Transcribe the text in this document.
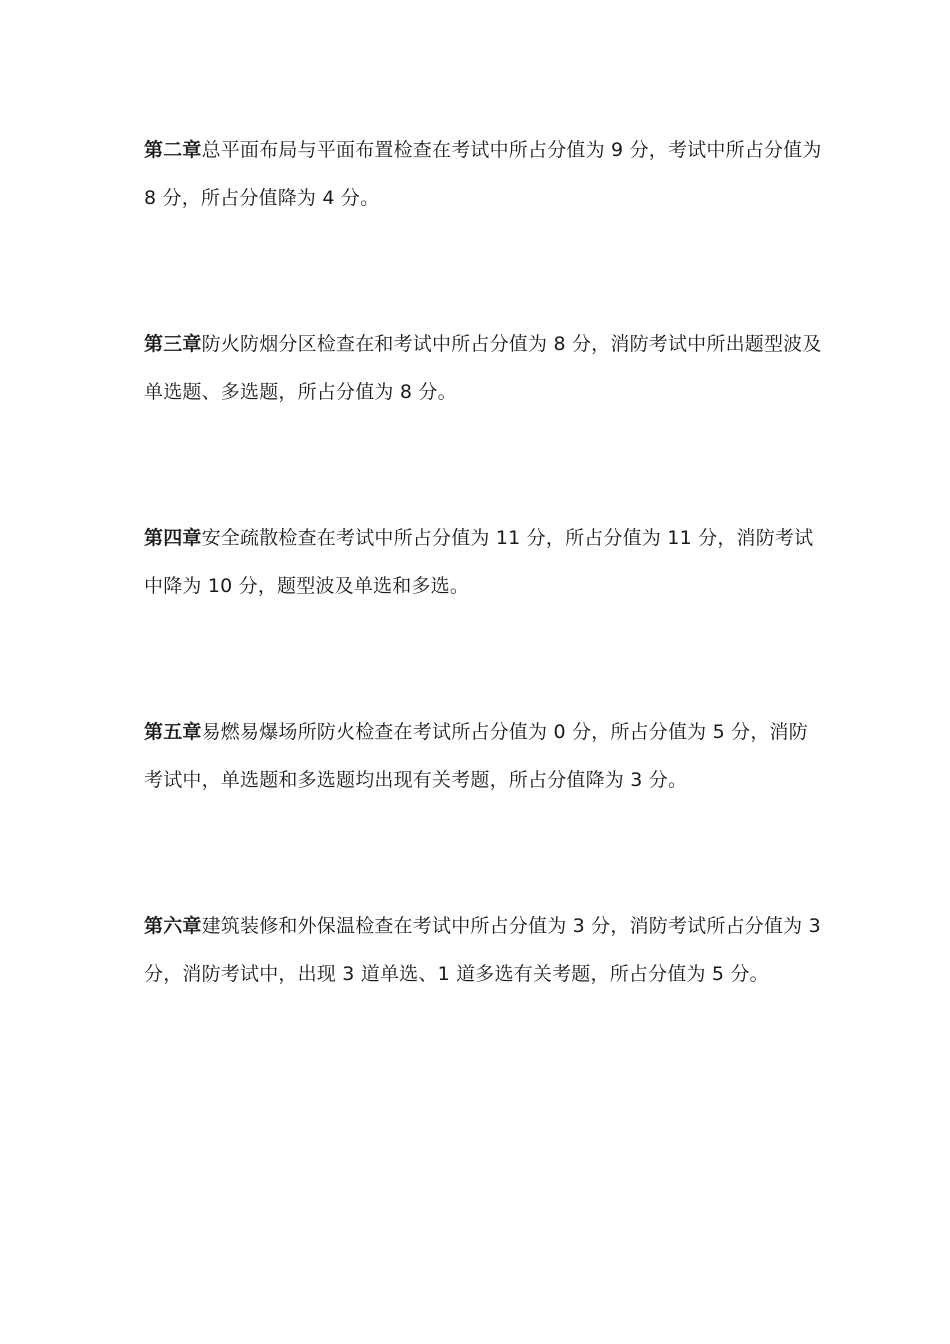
第二章总平面布局与平面布置检查在考试中所占分值为 9 分，考试中所占分值为 8 分，所占分值降为 4 分。

第三章防火防烟分区检查在和考试中所占分值为 8 分，消防考试中所出题型波及单选题、多选题，所占分值为 8 分。

第四章安全疏散检查在考试中所占分值为 11 分，所占分值为 11 分，消防考试中降为 10 分，题型波及单选和多选。

第五章易燃易爆场所防火检查在考试所占分值为 0 分，所占分值为 5 分，消防考试中，单选题和多选题均出现有关考题，所占分值降为 3 分。

第六章建筑装修和外保温检查在考试中所占分值为 3 分，消防考试所占分值为 3 分，消防考试中，出现 3 道单选、1 道多选有关考题，所占分值为 5 分。
